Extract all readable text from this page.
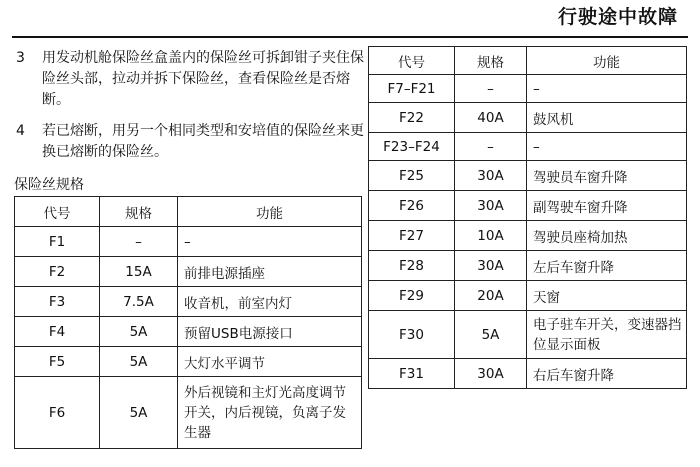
行驶途中故障
3	用发动机舱保险丝盒盖内的保险丝可拆卸钳子夹住保险丝头部，拉动并拆下保险丝，查看保险丝是否熔断。
4	若已熔断，用另一个相同类型和安培值的保险丝来更换已熔断的保险丝。
保险丝规格
代号	规格	功能
F1	–	–
F2	15A	前排电源插座
F3	7.5A	收音机，前室内灯
F4	5A	预留USB电源接口
F5	5A	大灯水平调节
F6	5A	外后视镜和主灯光高度调节开关，内后视镜，负离子发生器
代号	规格	功能
F7–F21	–	–
F22	40A	鼓风机
F23–F24	–	–
F25	30A	驾驶员车窗升降
F26	30A	副驾驶车窗升降
F27	10A	驾驶员座椅加热
F28	30A	左后车窗升降
F29	20A	天窗
F30	5A	电子驻车开关，变速器挡位显示面板
F31	30A	右后车窗升降
